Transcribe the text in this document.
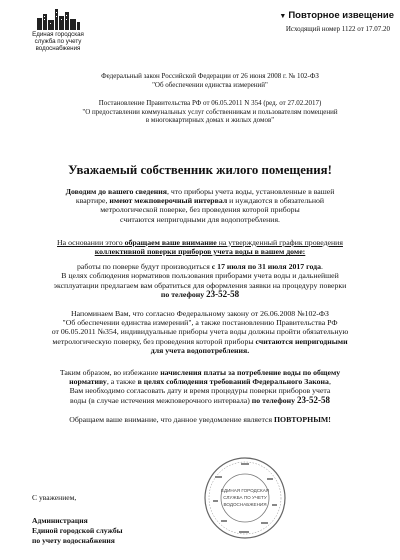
Единая городская служба по учету водоснабжения
▼ Повторное извещение
Исходящий номер 1122 от 17.07.20

Федеральный закон Российской Федерации от 26 июня 2008 г. № 102-ФЗ

"Об обеспечении единства измерений"

Постановление Правительства РФ от 06.05.2011 N 354 (ред. от 27.02.2017)

"О предоставлении коммунальных услуг собственникам и пользователям помещений

в многоквартирных домах и жилых домов"

Уважаемый собственник жилого помещения!

Доводим до вашего сведения, что приборы учета воды, установленные в вашей

квартире, имеют межповерочный интервал и нуждаются в обязательной

метрологической поверке, без проведения которой приборы

считаются непригодными для водопотребления.

На основании этого обращаем ваше внимание на утвержденный график проведения

коллективной поверки приборов учета воды в вашем доме:

работы по поверке будут производиться с 17 июля по 31 июля 2017 года.

В целях соблюдения нормативов пользования приборами учета воды и дальнейшей

эксплуатации предлагаем вам обратиться для оформления заявки на процедуру поверки

по телефону 23-52-58

Напоминаем Вам, что согласно Федеральному закону от 26.06.2008 №102-ФЗ

"Об обеспечении единства измерений", а также постановлению Правительства РФ

от 06.05.2011 №354, индивидуальные приборы учета воды должны пройти обязательную

метрологическую поверку, без проведения которой приборы считаются непригодными

для учета водопотребления.

Таким образом, во избежание начисления платы за потребление воды по общему

нормативу, а также в целях соблюдения требований Федерального Закона,

Вам необходимо согласовать дату и время процедуры поверки приборов учета

воды (в случае истечения межповерочного интервала) по телефону 23-52-58

Обращаем ваше внимание, что данное уведомление является ПОВТОРНЫМ!

С уважением,
Администрация
Единой городской службы
по учету водоснабжения
ЕДИНАЯ ГОРОДСКАЯ
СЛУЖБА ПО УЧЕТУ
ВОДОСНАБЖЕНИЯ
